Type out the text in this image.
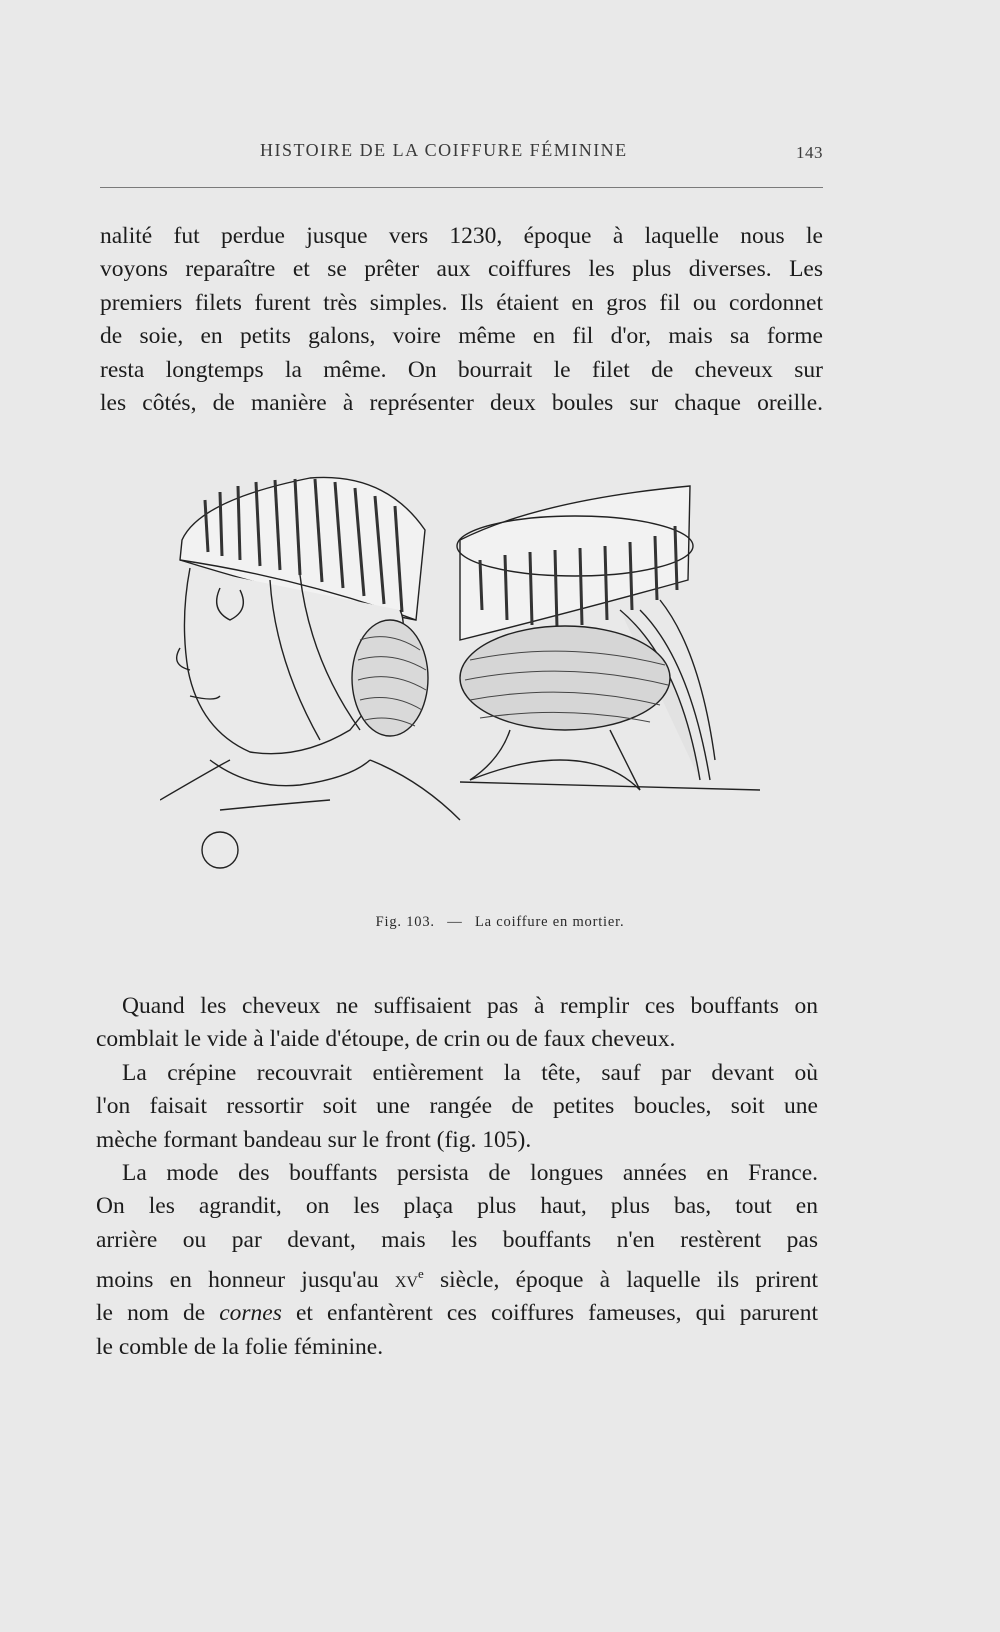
HISTOIRE DE LA COIFFURE FÉMININE	143
nalité fut perdue jusque vers 1230, époque à laquelle nous le
voyons reparaître et se prêter aux coiffures les plus diverses. Les
premiers filets furent très simples. Ils étaient en gros fil ou cordonnet
de soie, en petits galons, voire même en fil d'or, mais sa forme
resta longtemps la même. On bourrait le filet de cheveux sur
les côtés, de manière à représenter deux boules sur chaque oreille.
Fig. 103. — La coiffure en mortier.
Quand les cheveux ne suffisaient pas à remplir ces bouffants on
comblait le vide à l'aide d'étoupe, de crin ou de faux cheveux.
La crépine recouvrait entièrement la tête, sauf par devant où
l'on faisait ressortir soit une rangée de petites boucles, soit une
mèche formant bandeau sur le front (fig. 105).
La mode des bouffants persista de longues années en France.
On les agrandit, on les plaça plus haut, plus bas, tout en
arrière ou par devant, mais les bouffants n'en restèrent pas
moins en honneur jusqu'au $xv^e$ siècle, époque à laquelle ils prirent
le nom de cornes et enfantèrent ces coiffures fameuses, qui parurent
le comble de la folie féminine.
